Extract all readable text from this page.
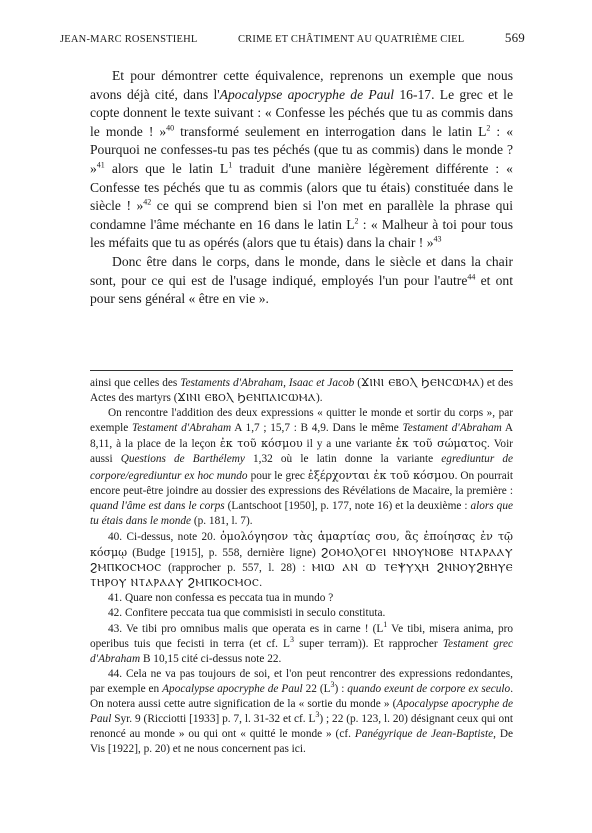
JEAN-MARC ROSENSTIEHL	CRIME ET CHÂTIMENT AU QUATRIÈME CIEL	569

Et pour démontrer cette équivalence, reprenons un exemple que nous avons déjà cité, dans l'Apocalypse apocryphe de Paul 16-17. Le grec et le copte donnent le texte suivant : « Confesse les péchés que tu as commis dans le monde ! »$^{40}$ transformé seulement en interrogation dans le latin $L^2$ : « Pourquoi ne confesses-tu pas tes péchés (que tu as commis) dans le monde ? »$^{41}$ alors que le latin $L^1$ traduit d'une manière légèrement différente : « Confesse tes péchés que tu as commis (alors que tu étais) constituée dans le siècle ! »$^{42}$ ce qui se comprend bien si l'on met en parallèle la phrase qui condamne l'âme méchante en 16 dans le latin $L^2$ : « Malheur à toi pour tous les méfaits que tu as opérés (alors que tu étais) dans la chair ! »$^{43}$

Donc être dans le corps, dans le monde, dans le siècle et dans la chair sont, pour ce qui est de l'usage indiqué, employés l'un pour l'autre$^{44}$ et ont pour sens général « être en vie ».

ainsi que celles des Testaments d'Abraham, Isaac et Jacob (ϪⲒⲚⲒ ⲈⲂⲞⲖ ϦⲈⲚⲤⲰⲘⲀ) et des Actes des martyrs (ϪⲒⲚⲒ ⲈⲂⲞⲖ ϦⲈⲚⲠⲀⲒⲤⲰⲘⲀ).

On rencontre l'addition des deux expressions « quitter le monde et sortir du corps », par exemple Testament d'Abraham A 1,7 ; 15,7 : B 4,9. Dans le même Testament d'Abraham A 8,11, à la place de la leçon ἐκ τοῦ κόσμου il y a une variante ἐκ τοῦ σώματος. Voir aussi Questions de Barthélemy 1,32 où le latin donne la variante egrediuntur de corpore/egrediuntur ex hoc mundo pour le grec ἐξέρχονται ἐκ τοῦ κόσμου. On pourrait encore peut-être joindre au dossier des expressions des Révélations de Macaire, la première : quand l'âme est dans le corps (Lantschoot [1950], p. 177, note 16) et la deuxième : alors que tu étais dans le monde (p. 181, l. 7).

40. Ci-dessus, note 20. ὁμολόγησον τὰς ἁμαρτίας σου, ἃς ἐποίησας ἐν τῷ κόσμῳ (Budge [1915], p. 558, dernière ligne) ϨⲞⲘⲞⲖⲞⲄⲈⲒ ⲚⲚⲞⲨⲚⲞⲂⲈ ⲚⲦⲀⲢⲀⲀⲨ ϨⲘⲠⲔⲞⲤⲘⲞⲤ (rapprocher p. 557, l. 28) : ⲘⲒⲰ ⲀⲚ Ⲱ ⲦⲈⲮⲨⲬⲎ ϨⲚⲚⲞⲨϨⲂⲎⲨⲈ ⲦⲎⲢⲞⲨ ⲚⲦⲀⲢⲀⲀⲨ ϨⲘⲠⲔⲞⲤⲘⲞⲤ.

41. Quare non confessa es peccata tua in mundo ?

42. Confitere peccata tua que commisisti in seculo constituta.

43. Ve tibi pro omnibus malis que operata es in carne ! ($L^1$ Ve tibi, misera anima, pro operibus tuis que fecisti in terra (et cf. $L^3$ super terram)). Et rapprocher Testament grec d'Abraham B 10,15 cité ci-dessus note 22.

44. Cela ne va pas toujours de soi, et l'on peut rencontrer des expressions redondantes, par exemple en Apocalypse apocryphe de Paul 22 $(L^3)$ : quando exeunt de corpore ex seculo. On notera aussi cette autre signification de la « sortie du monde » (Apocalypse apocryphe de Paul Syr. 9 (Ricciotti [1933] p. 7, l. 31-32 et cf. $L^3$) ; 22 (p. 123, l. 20) désignant ceux qui ont renoncé au monde » ou qui ont « quitté le monde » (cf. Panégyrique de Jean-Baptiste, De Vis [1922], p. 20) et ne nous concernent pas ici.
